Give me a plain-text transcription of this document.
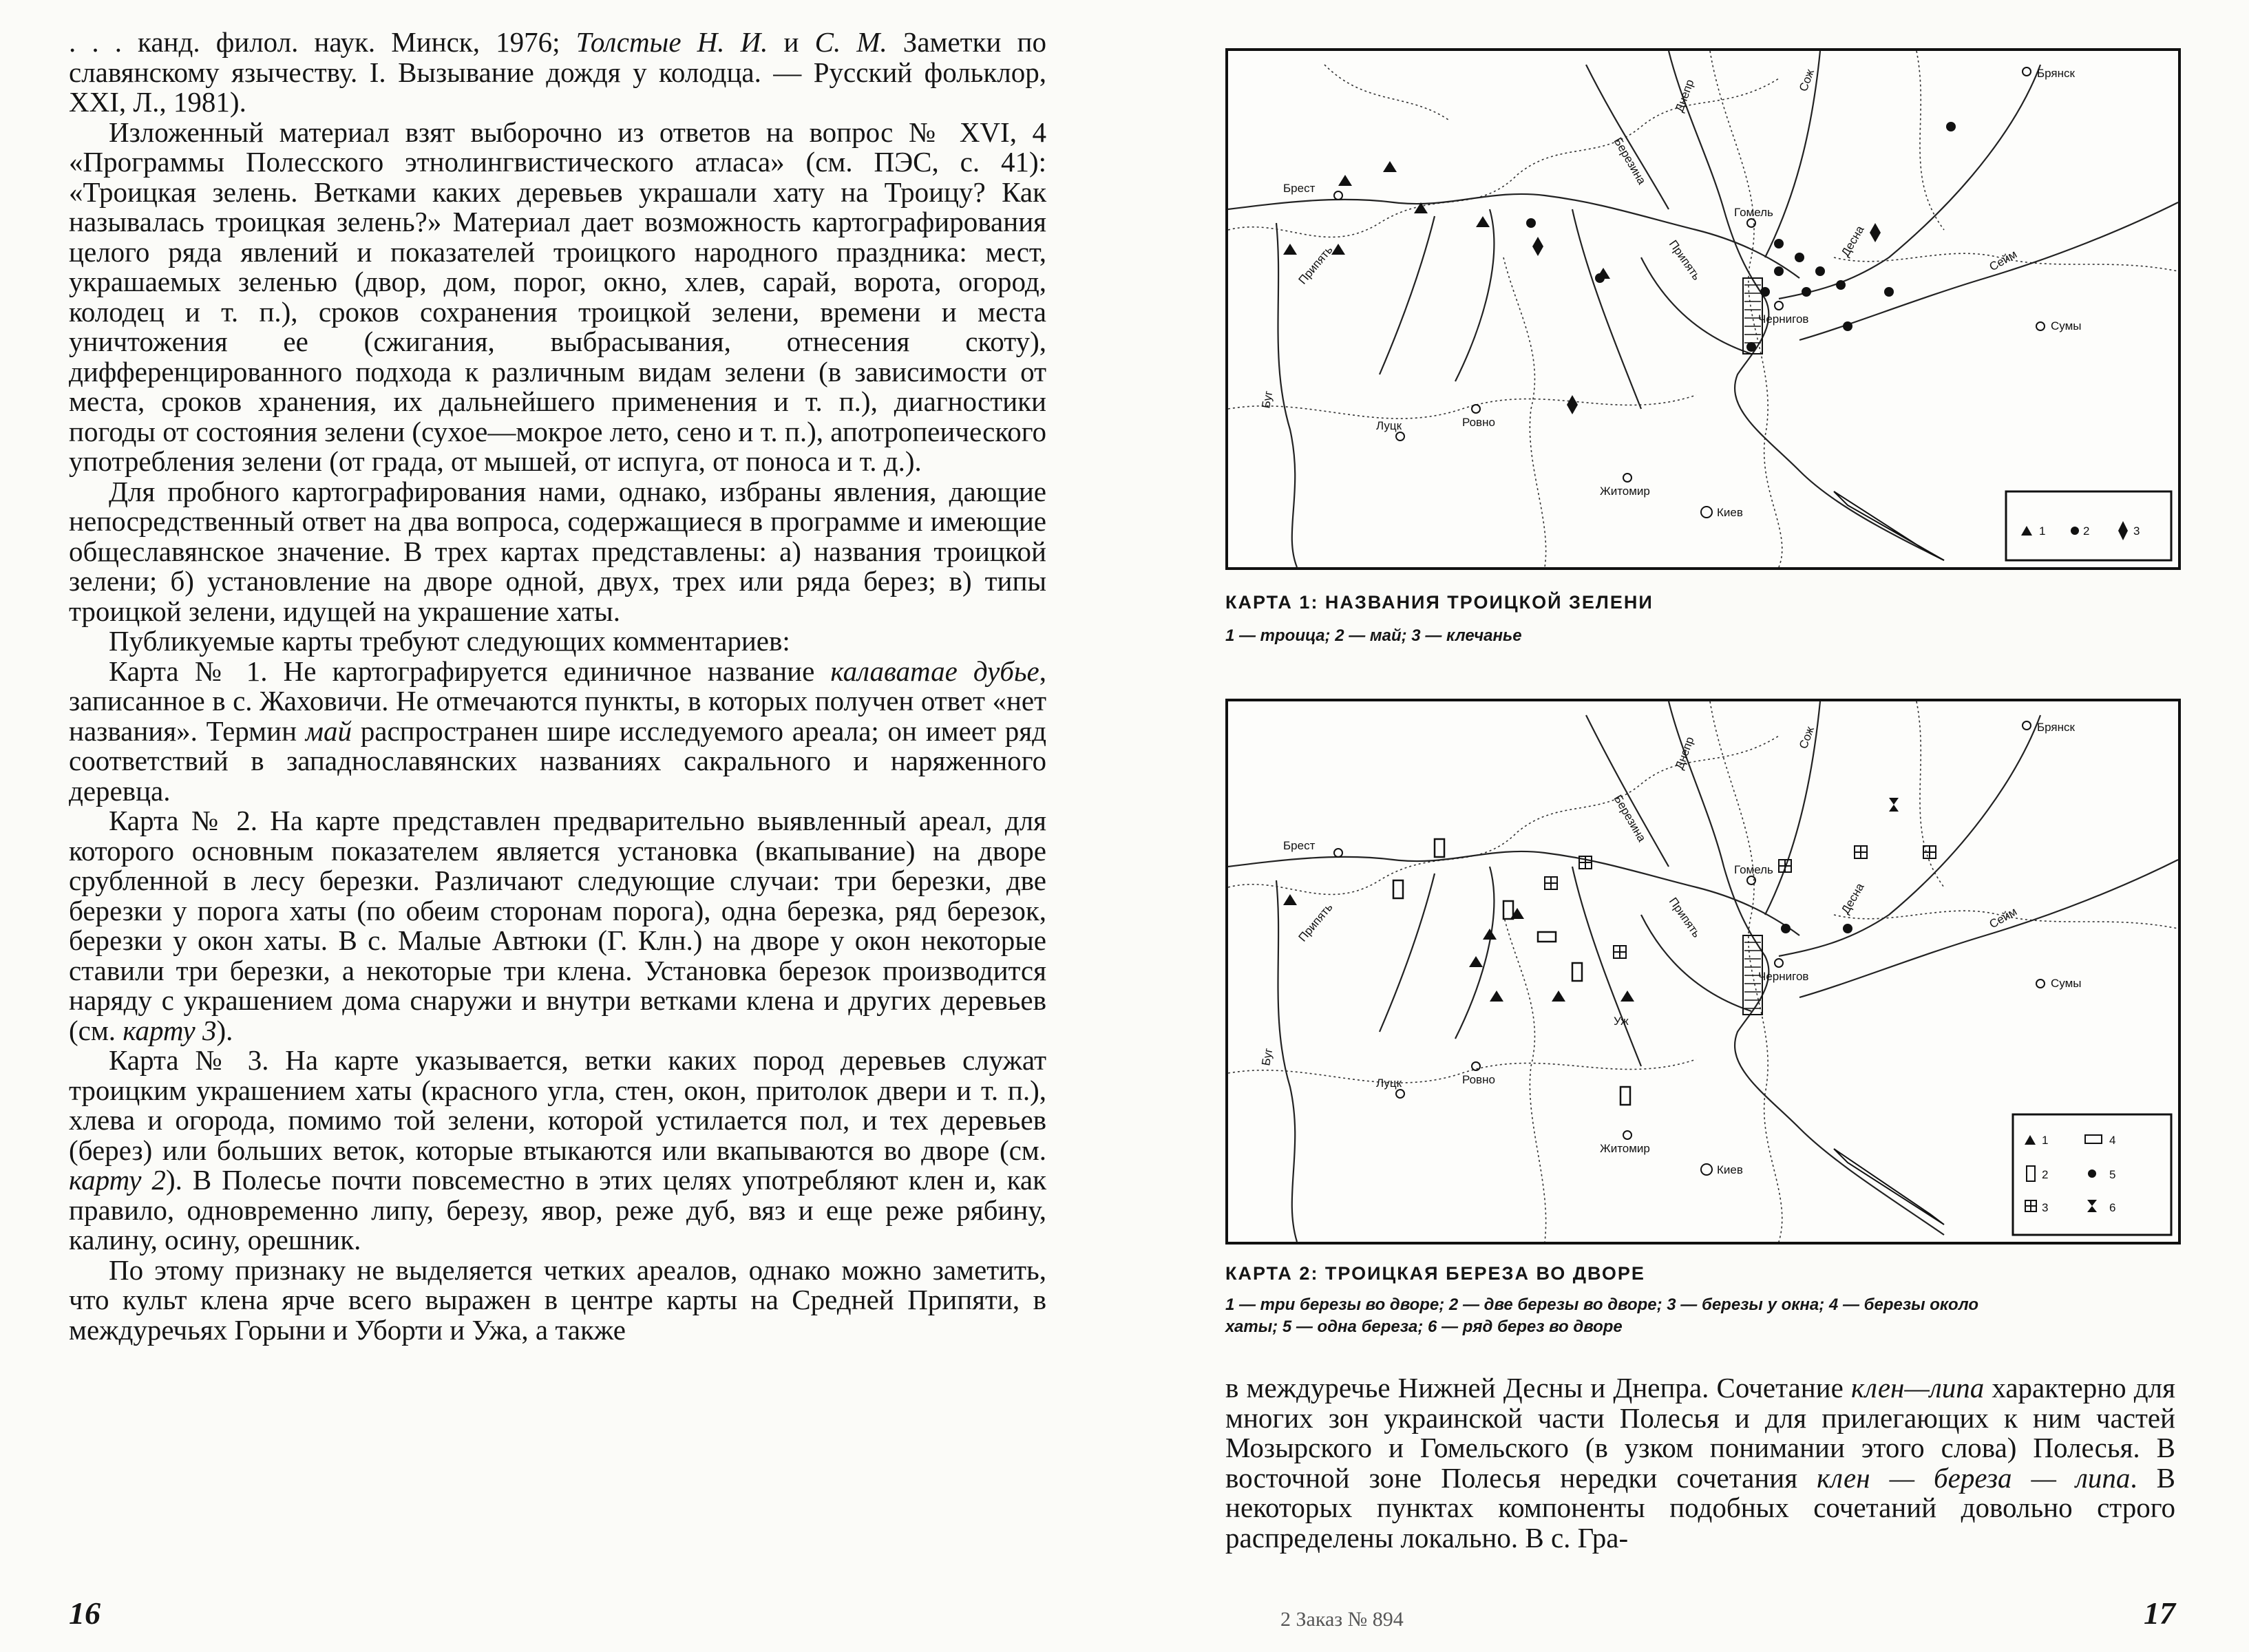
. . . канд. филол. наук. Минск, 1976; Толстые Н. И. и С. М. Заметки по славянскому язычеству. I. Вызывание дождя у колодца. — Русский фольклор, XXI, Л., 1981).

Изложенный материал взят выборочно из ответов на вопрос № XVI, 4 «Программы Полесского этнолингвистического атласа» (см. ПЭС, с. 41): «Троицкая зелень. Ветками каких деревьев украшали хату на Троицу? Как называлась троицкая зелень?» Материал дает возможность картографирования целого ряда явлений и показателей троицкого народного праздника: мест, украшаемых зеленью (двор, дом, порог, окно, хлев, сарай, ворота, огород, колодец и т. п.), сроков сохранения троицкой зелени, времени и места уничтожения ее (сжигания, выбрасывания, отнесения скоту), дифференцированного подхода к различным видам зелени (в зависимости от места, сроков хранения, их дальнейшего применения и т. п.), диагностики погоды от состояния зелени (сухое—мокрое лето, сено и т. п.), апотропеического употребления зелени (от града, от мышей, от испуга, от поноса и т. д.).

Для пробного картографирования нами, однако, избраны явления, дающие непосредственный ответ на два вопроса, содержащиеся в программе и имеющие общеславянское значение. В трех картах представлены: а) названия троицкой зелени; б) установление на дворе одной, двух, трех или ряда берез; в) типы троицкой зелени, идущей на украшение хаты.

Публикуемые карты требуют следующих комментариев:

Карта № 1. Не картографируется единичное название калаватае дубье, записанное в с. Жаховичи. Не отмечаются пункты, в которых получен ответ «нет названия». Термин май распространен шире исследуемого ареала; он имеет ряд соответствий в западнославянских названиях сакрального и наряженного деревца.

Карта № 2. На карте представлен предварительно выявленный ареал, для которого основным показателем является установка (вкапывание) на дворе срубленной в лесу березки. Различают следующие случаи: три березки, две березки у порога хаты (по обеим сторонам порога), одна березка, ряд березок, березки у окон хаты. В с. Малые Автюки (Г. Клн.) на дворе у окон некоторые ставили три березки, а некоторые три клена. Установка березок производится наряду с украшением дома снаружи и внутри ветками клена и других деревьев (см. карту 3).

Карта № 3. На карте указывается, ветки каких пород деревьев служат троицким украшением хаты (красного угла, стен, окон, притолок двери и т. п.), хлева и огорода, помимо той зелени, которой устилается пол, и тех деревьев (берез) или больших веток, которые втыкаются или вкапываются во дворе (см. карту 2). В Полесье почти повсеместно в этих целях употребляют клен и, как правило, одновременно липу, березу, явор, реже дуб, вяз и еще реже рябину, калину, осину, орешник.

По этому признаку не выделяется четких ареалов, однако можно заметить, что культ клена ярче всего выражен в центре карты на Средней Припяти, в междуречьях Горыни и Уборти и Ужа, а также

16
Брянск
Гомель
Брест
Чернигов
Сумы
Луцк	Ровно
Житомир
Киев
Днепр
Березина
Припять
Сож
Десна
Сейм
Буг
Припять
1	2	3
КАРТА 1: НАЗВАНИЯ ТРОИЦКОЙ ЗЕЛЕНИ
1 — троица; 2 — май; 3 — клечанье
Брянск
Гомель
Брест
Чернигов
Сумы
Луцк	Ровно
Житомир
Киев
Днепр	Сож
Березина
Припять	Десна
Сейм
Буг
Припять
Уж
1	4
2	5
3	6
КАРТА 2: ТРОИЦКАЯ БЕРЕЗА ВО ДВОРЕ
1 — три березы во дворе; 2 — две березы во дворе; 3 — березы у окна; 4 — березы около
хаты; 5 — одна береза; 6 — ряд берез во дворе

в междуречье Нижней Десны и Днепра. Сочетание клен—липа характерно для многих зон украинской части Полесья и для прилегающих к ним частей Мозырского и Гомельского (в узком понимании этого слова) Полесья. В восточной зоне Полесья нередки сочетания клен — береза — липа. В некоторых пунктах компоненты подобных сочетаний довольно строго распределены локально. В с. Гра-

2 Заказ № 894	17
